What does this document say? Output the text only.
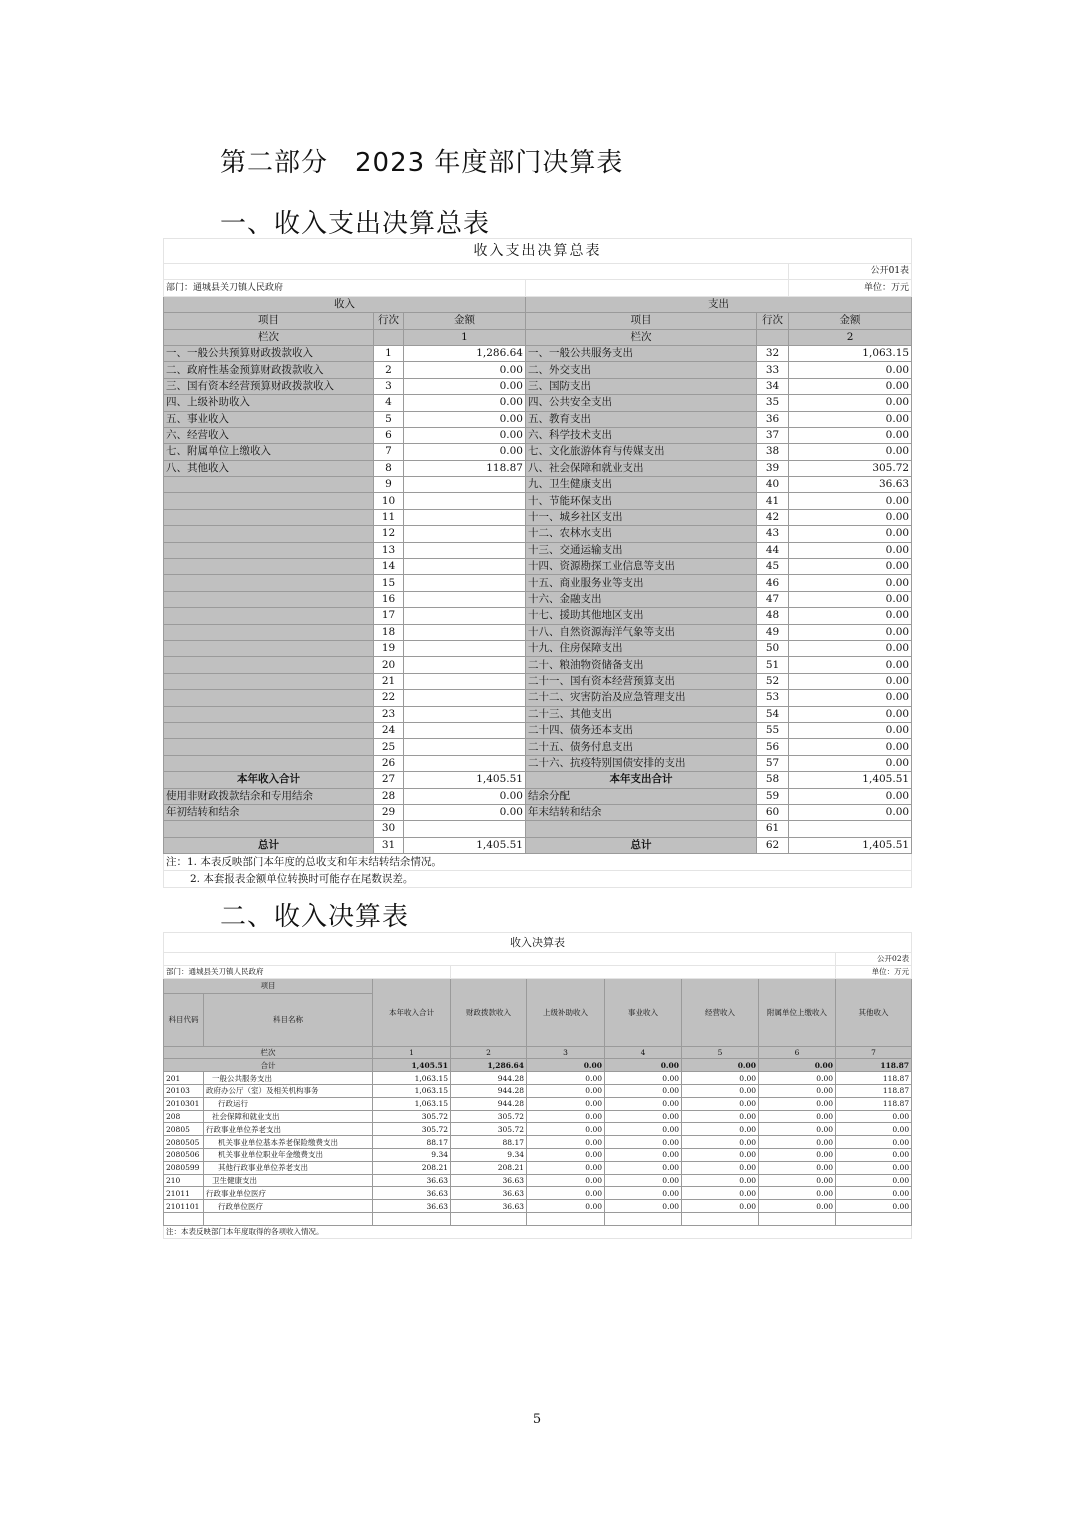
第二部分　2023 年度部门决算表
一、收入支出决算总表
收入支出决算总表					
					公开01表
部门：通城县关刀镇人民政府					单位：万元
收入			支出		
项目	行次	金额	项目	行次	金额
栏次		1	栏次		2
一、一般公共预算财政拨款收入	1	1,286.64	一、一般公共服务支出	32	1,063.15
二、政府性基金预算财政拨款收入	2	0.00	二、外交支出	33	0.00
三、国有资本经营预算财政拨款收入	3	0.00	三、国防支出	34	0.00
四、上级补助收入	4	0.00	四、公共安全支出	35	0.00
五、事业收入	5	0.00	五、教育支出	36	0.00
六、经营收入	6	0.00	六、科学技术支出	37	0.00
七、附属单位上缴收入	7	0.00	七、文化旅游体育与传媒支出	38	0.00
八、其他收入	8	118.87	八、社会保障和就业支出	39	305.72
	9		九、卫生健康支出	40	36.63
	10		十、节能环保支出	41	0.00
	11		十一、城乡社区支出	42	0.00
	12		十二、农林水支出	43	0.00
	13		十三、交通运输支出	44	0.00
	14		十四、资源勘探工业信息等支出	45	0.00
	15		十五、商业服务业等支出	46	0.00
	16		十六、金融支出	47	0.00
	17		十七、援助其他地区支出	48	0.00
	18		十八、自然资源海洋气象等支出	49	0.00
	19		十九、住房保障支出	50	0.00
	20		二十、粮油物资储备支出	51	0.00
	21		二十一、国有资本经营预算支出	52	0.00
	22		二十二、灾害防治及应急管理支出	53	0.00
	23		二十三、其他支出	54	0.00
	24		二十四、债务还本支出	55	0.00
	25		二十五、债务付息支出	56	0.00
	26		二十六、抗疫特别国债安排的支出	57	0.00
本年收入合计	27	1,405.51	本年支出合计	58	1,405.51
使用非财政拨款结余和专用结余	28	0.00	结余分配	59	0.00
年初结转和结余	29	0.00	年末结转和结余	60	0.00
	30			61	
总计	31	1,405.51	总计	62	1,405.51
注：1. 本表反映部门本年度的总收支和年末结转结余情况。					
2. 本套报表金额单位转换时可能存在尾数误差。					
二、收入决算表
收入决算表								
								公开02表
部门：通城县关刀镇人民政府								单位：万元
项目		本年收入合计	财政拨款收入	上级补助收入	事业收入	经营收入	附属单位上缴收入	其他收入
科目代码	科目名称							
栏次		1	2	3	4	5	6	7
合计		1,405.51	1,286.64	0.00	0.00	0.00	0.00	118.87
201	一般公共服务支出	1,063.15	944.28	0.00	0.00	0.00	0.00	118.87
20103	政府办公厅（室）及相关机构事务	1,063.15	944.28	0.00	0.00	0.00	0.00	118.87
2010301	行政运行	1,063.15	944.28	0.00	0.00	0.00	0.00	118.87
208	社会保障和就业支出	305.72	305.72	0.00	0.00	0.00	0.00	0.00
20805	行政事业单位养老支出	305.72	305.72	0.00	0.00	0.00	0.00	0.00
2080505	机关事业单位基本养老保险缴费支出	88.17	88.17	0.00	0.00	0.00	0.00	0.00
2080506	机关事业单位职业年金缴费支出	9.34	9.34	0.00	0.00	0.00	0.00	0.00
2080599	其他行政事业单位养老支出	208.21	208.21	0.00	0.00	0.00	0.00	0.00
210	卫生健康支出	36.63	36.63	0.00	0.00	0.00	0.00	0.00
21011	行政事业单位医疗	36.63	36.63	0.00	0.00	0.00	0.00	0.00
2101101	行政单位医疗	36.63	36.63	0.00	0.00	0.00	0.00	0.00

注：本表反映部门本年度取得的各项收入情况。								
5
